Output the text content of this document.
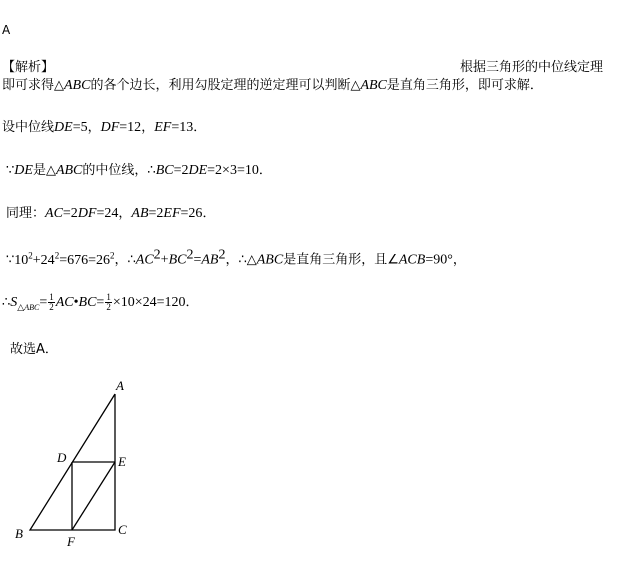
A
【解析】	根据三角形的中位线定理
即可求得△ABC的各个边长，利用勾股定理的逆定理可以判断△ABC是直角三角形，即可求解．
设中位线DE=5，DF=12，EF=13．
∵DE是△ABC的中位线，∴BC=2DE=2×3=10．
同理：AC=2DF=24，AB=2EF=26．
$\because 10^2+24^2=676=26^2$，$\therefore AC^2+BC^2=AB^2$，∴△ABC是直角三角形，且∠ACB=90°，
$\therefore S_{\triangle ABC}= \frac{1}{2}$ AC•BC= $\frac{1}{2} \times 10\times 24=120$．
故选A．
A
B	C
D	E
F
